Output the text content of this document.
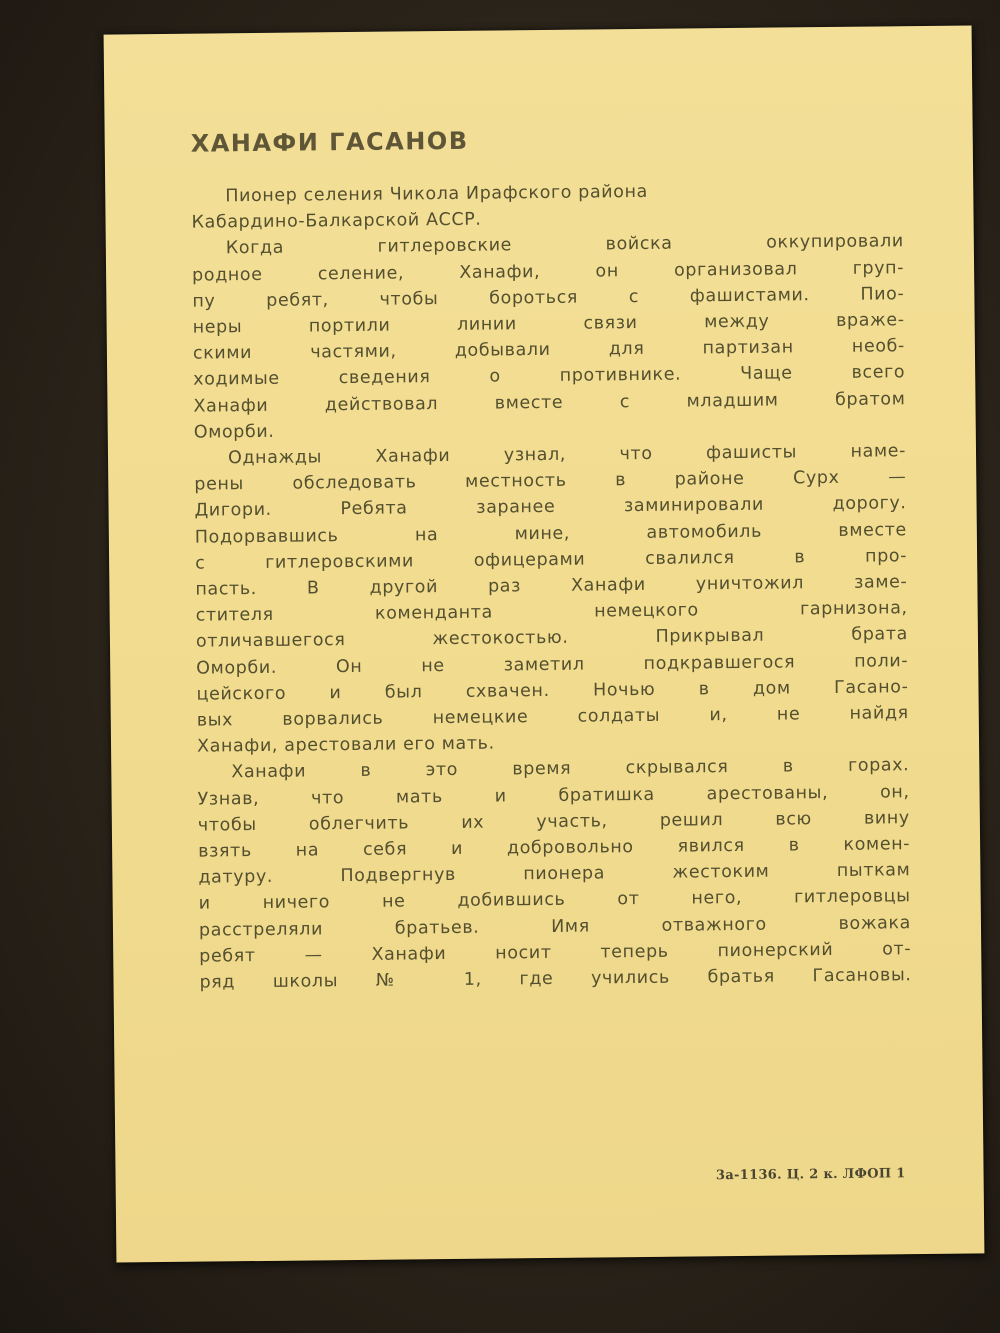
ХАНАФИ ГАСАНОВ
Пионер селения Чикола Ирафского района
Кабардино-Балкарской АССР.
Когда гитлеровские войска оккупировали
родное селение, Ханафи, он организовал груп-
пу ребят, чтобы бороться с фашистами. Пио-
неры портили линии связи между враже-
скими частями, добывали для партизан необ-
ходимые сведения о противнике. Чаще всего
Ханафи действовал вместе с младшим братом
Оморби.
Однажды Ханафи узнал, что фашисты наме-
рены обследовать местность в районе Сурх —
Дигори. Ребята заранее заминировали дорогу.
Подорвавшись на мине, автомобиль вместе
с гитлеровскими офицерами свалился в про-
пасть. В другой раз Ханафи уничтожил заме-
стителя коменданта немецкого гарнизона,
отличавшегося жестокостью. Прикрывал брата
Оморби. Он не заметил подкравшегося поли-
цейского и был схвачен. Ночью в дом Гасано-
вых ворвались немецкие солдаты и, не найдя
Ханафи, арестовали его мать.
Ханафи в это время скрывался в горах.
Узнав, что мать и братишка арестованы, он,
чтобы облегчить их участь, решил всю вину
взять на себя и добровольно явился в комен-
датуру. Подвергнув пионера жестоким пыткам
и ничего не добившись от него, гитлеровцы
расстреляли братьев. Имя отважного вожака
ребят — Ханафи носит теперь пионерский от-
ряд школы № 1, где учились братья Гасановы.
3а-1136. Ц. 2 к. ЛФОП 1
